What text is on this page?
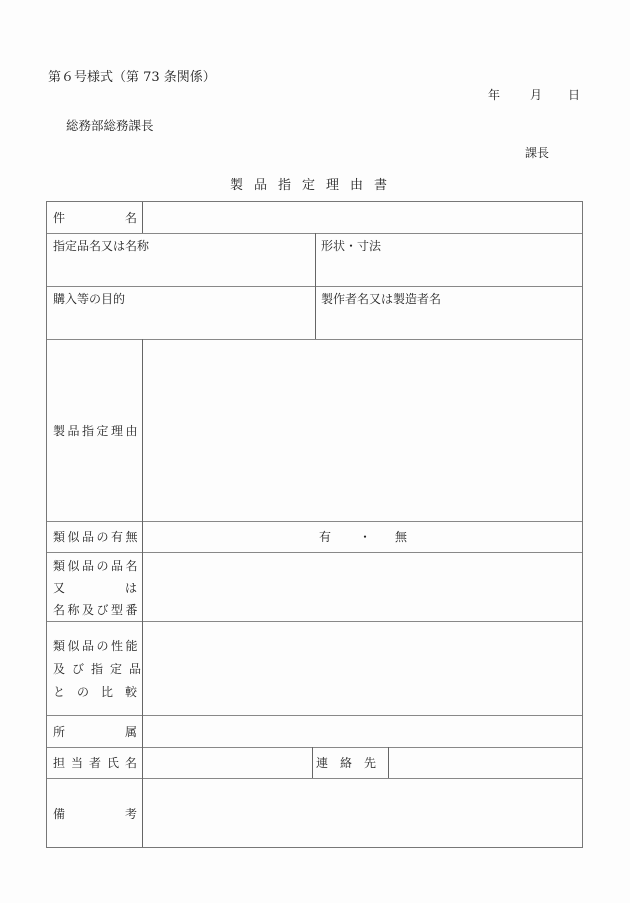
第６号様式（第 73 条関係）
年	月	日
総務部総務課長
課長
製品指定理由書
件	名
指定品名又は名称	形状・寸法
購入等の目的	製作者名又は製造者名
製品指定理由
類似品の有無	有 ・ 無
類似品の品名
又	は
名称及び型番
類似品の性能
及び指定品
と の 比 較
所	属
担当者氏名	連　絡　先
備	考
